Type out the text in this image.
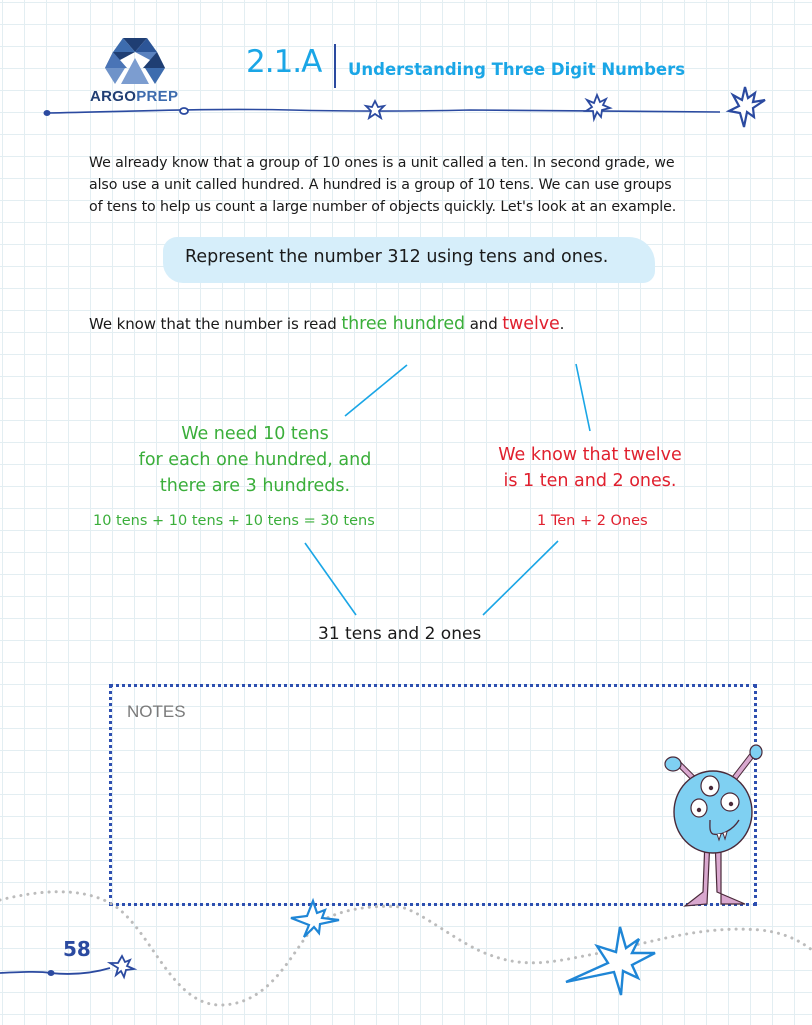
ARGOPREP
2.1.A Understanding Three Digit Numbers
We already know that a group of 10 ones is a unit called a ten. In second grade, we
also use a unit called hundred. A hundred is a group of 10 tens. We can use groups
of tens to help us count a large number of objects quickly. Let's look at an example.
Represent the number 312 using tens and ones.
We know that the number is read three hundred and twelve.
We need 10 tens
for each one hundred, and
there are 3 hundreds.
10 tens + 10 tens + 10 tens = 30 tens
We know that twelve
is 1 ten and 2 ones.
1 Ten + 2 Ones
31 tens and 2 ones
NOTES
58
